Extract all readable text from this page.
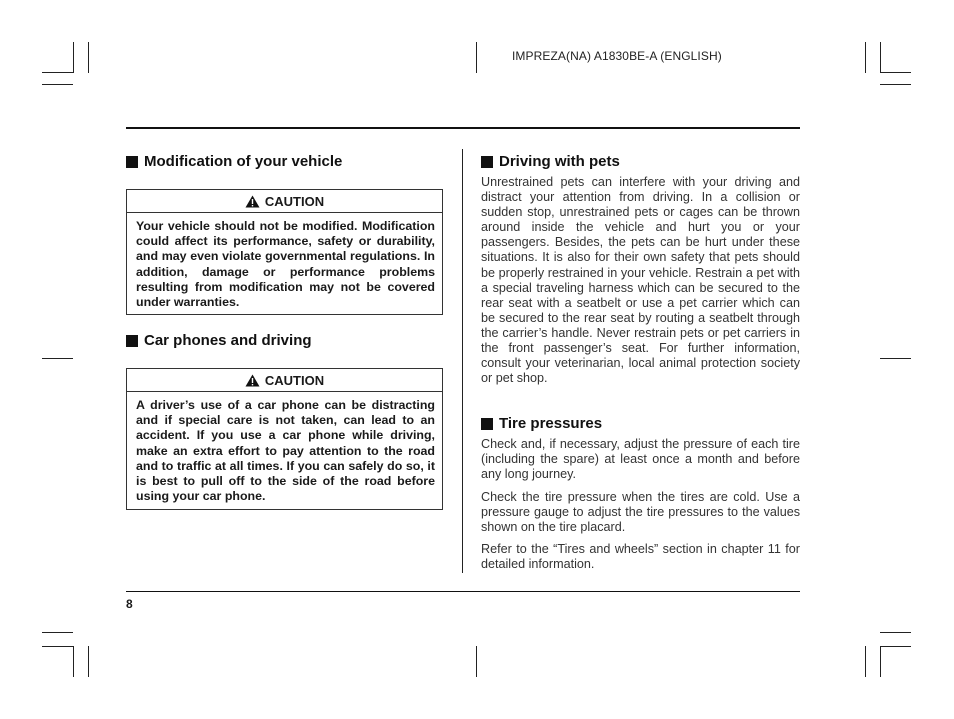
IMPREZA(NA) A1830BE-A (ENGLISH)
Modification of your vehicle
CAUTION
Your vehicle should not be modified. Modification could affect its performance, safety or durability, and may even violate governmental regulations. In addition, damage or performance problems resulting from modification may not be covered under warranties.
Car phones and driving
CAUTION
A driver’s use of a car phone can be distracting and if special care is not taken, can lead to an accident. If you use a car phone while driving, make an extra effort to pay attention to the road and to traffic at all times. If you can safely do so, it is best to pull off to the side of the road before using your car phone.
Driving with pets
Unrestrained pets can interfere with your driving and distract your attention from driving. In a collision or sudden stop, unrestrained pets or cages can be thrown around inside the vehicle and hurt you or your passengers. Besides, the pets can be hurt under these situations. It is also for their own safety that pets should be properly restrained in your vehicle. Restrain a pet with a special traveling harness which can be secured to the rear seat with a seatbelt or use a pet carrier which can be secured to the rear seat by routing a seatbelt through the carrier’s handle. Never restrain pets or pet carriers in the front passenger’s seat. For further information, consult your veterinarian, local animal protection society or pet shop.
Tire pressures
Check and, if necessary, adjust the pressure of each tire (including the spare) at least once a month and before any long journey.
Check the tire pressure when the tires are cold. Use a pressure gauge to adjust the tire pressures to the values shown on the tire placard.
Refer to the “Tires and wheels” section in chapter 11 for detailed information.
8
